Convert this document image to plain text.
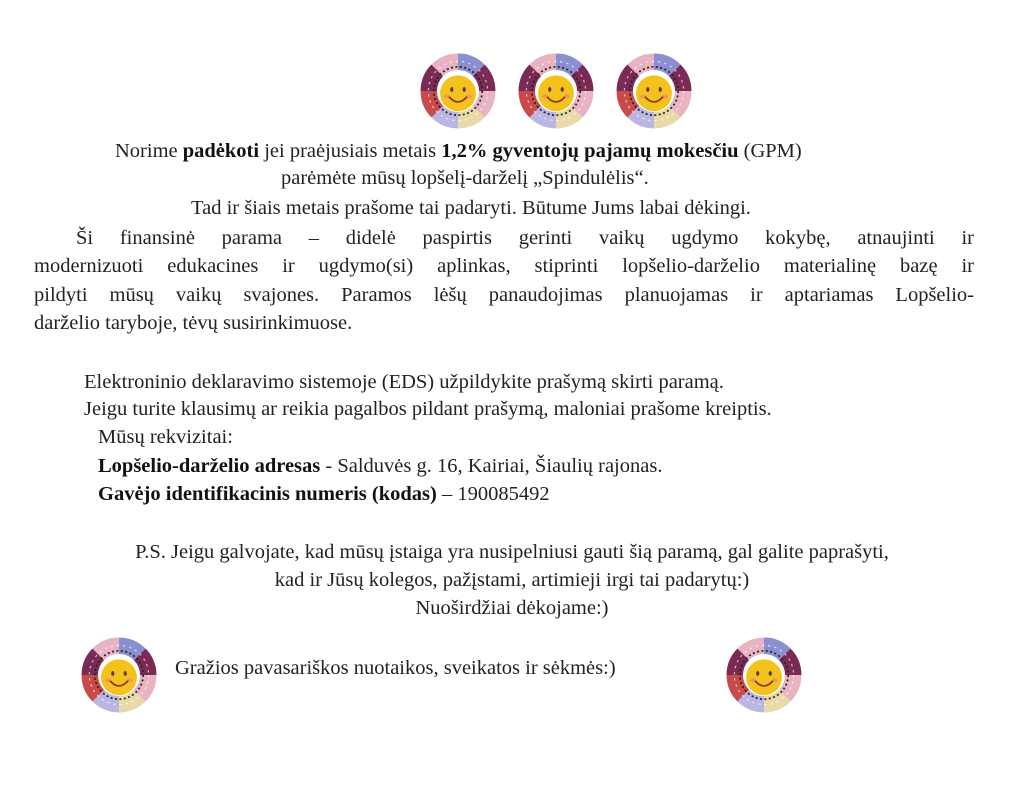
Norime padėkoti jei praėjusiais metais 1,2% gyventojų pajamų mokesčiu (GPM)
parėmėte mūsų lopšelį-darželį „Spindulėlis“.
Tad ir šiais metais prašome tai padaryti. Būtume Jums labai dėkingi.
Ši finansinė parama – didelė paspirtis gerinti vaikų ugdymo kokybę, atnaujinti ir
modernizuoti edukacines ir ugdymo(si) aplinkas, stiprinti lopšelio-darželio materialinę bazę ir
pildyti mūsų vaikų svajones. Paramos lėšų panaudojimas planuojamas ir aptariamas Lopšelio-
darželio taryboje, tėvų susirinkimuose.
Elektroninio deklaravimo sistemoje (EDS) užpildykite prašymą skirti paramą.
Jeigu turite klausimų ar reikia pagalbos pildant prašymą, maloniai prašome kreiptis.
Mūsų rekvizitai:
Lopšelio-darželio adresas - Salduvės g. 16, Kairiai, Šiaulių rajonas.
Gavėjo identifikacinis numeris (kodas) – 190085492
P.S. Jeigu galvojate, kad mūsų įstaiga yra nusipelniusi gauti šią paramą, gal galite paprašyti,
kad ir Jūsų kolegos, pažįstami, artimieji irgi tai padarytų:)
Nuoširdžiai dėkojame:)
Gražios pavasariškos nuotaikos, sveikatos ir sėkmės:)
